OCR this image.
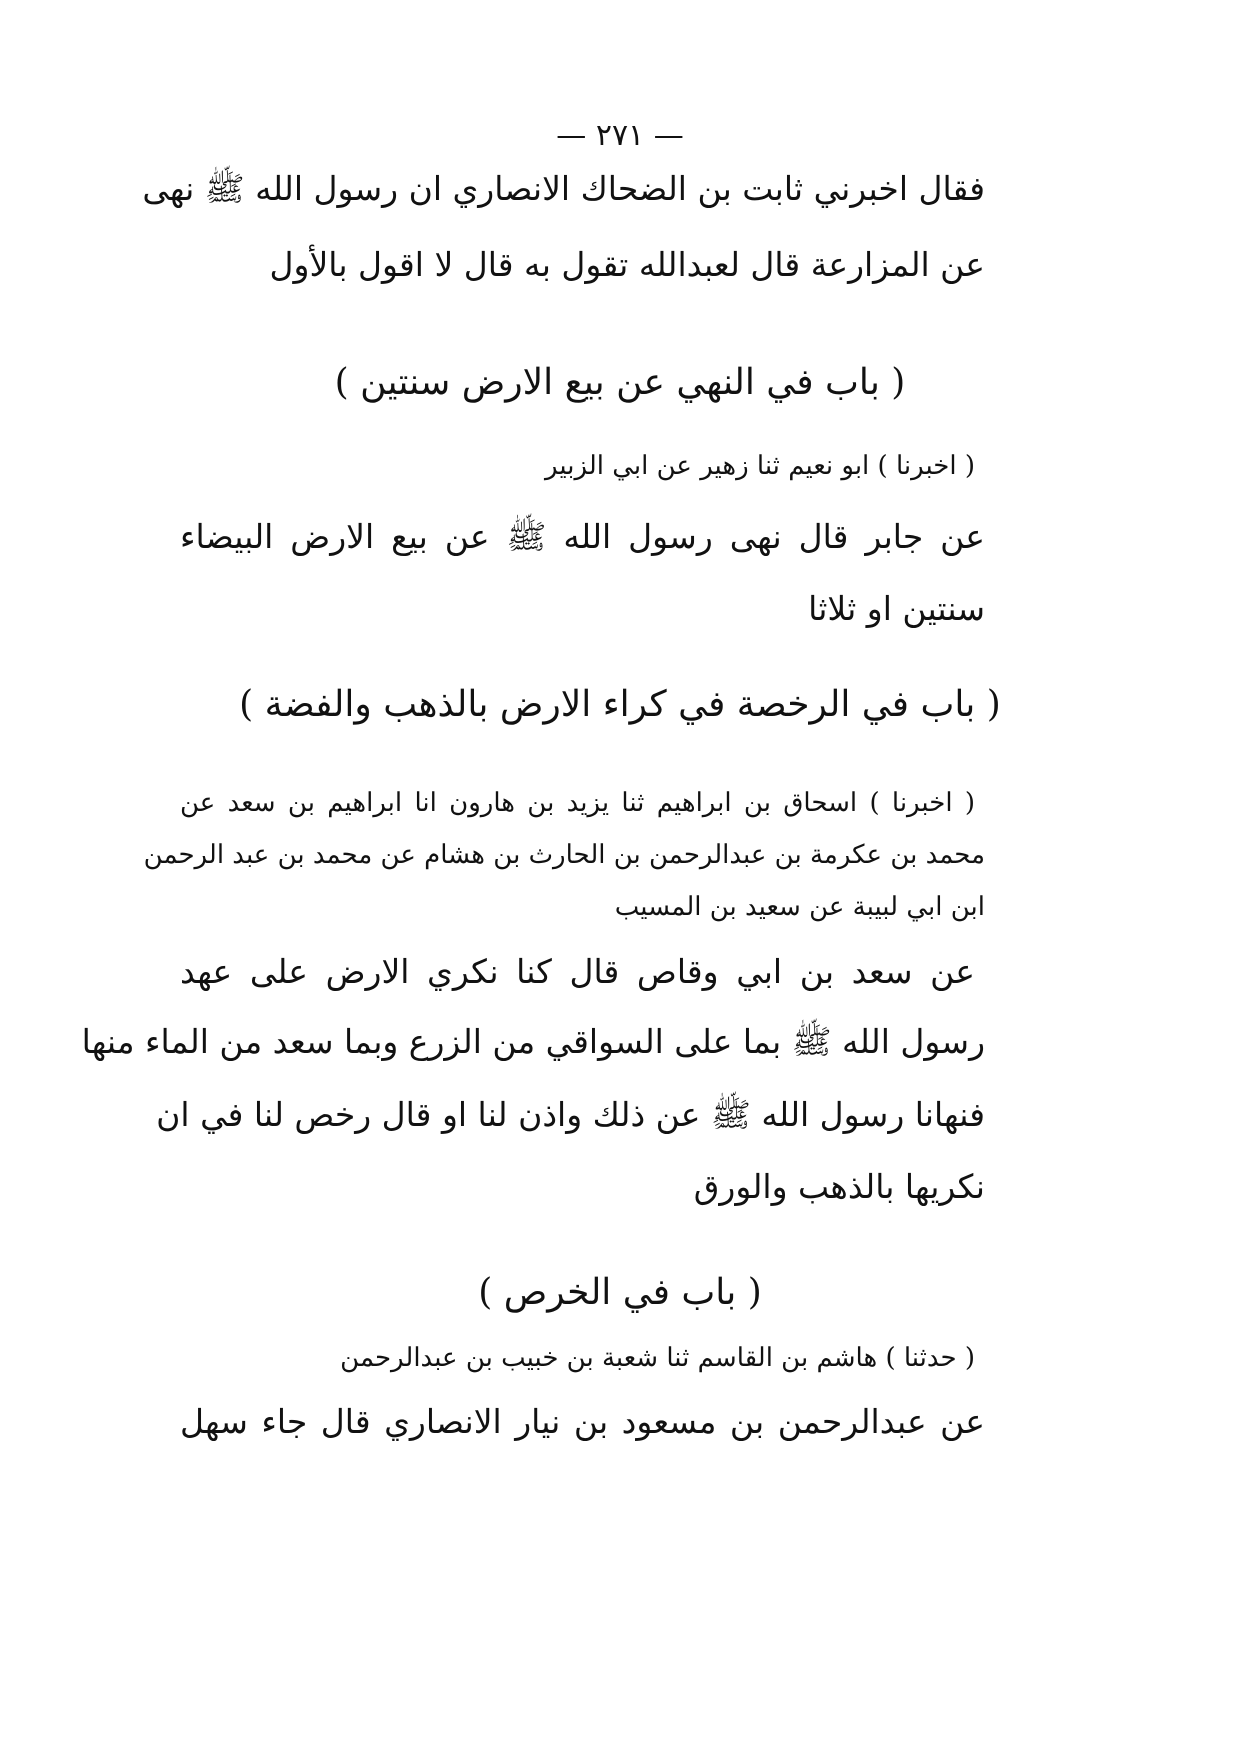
— ٢٧١ —
فقال اخبرني ثابت بن الضحاك الانصاري ان رسول الله ﷺ نهى
عن المزارعة قال لعبدالله تقول به قال لا اقول بالأول
( باب في النهي عن بيع الارض سنتين )
( اخبرنا ) ابو نعيم ثنا زهير عن ابي الزبير
عن جابر قال نهى رسول الله ﷺ عن بيع الارض البيضاء
سنتين او ثلاثا
( باب في الرخصة في كراء الارض بالذهب والفضة )
( اخبرنا ) اسحاق بن ابراهيم ثنا يزيد بن هارون انا ابراهيم بن سعد عن
محمد بن عكرمة بن عبدالرحمن بن الحارث بن هشام عن محمد بن عبد الرحمن
ابن ابي لبيبة عن سعيد بن المسيب
عن سعد بن ابي وقاص قال كنا نكري الارض على عهد
رسول الله ﷺ بما على السواقي من الزرع وبما سعد من الماء منها
فنهانا رسول الله ﷺ عن ذلك واذن لنا او قال رخص لنا في ان
نكريها بالذهب والورق
( باب في الخرص )
( حدثنا ) هاشم بن القاسم ثنا شعبة بن خبيب بن عبدالرحمن
عن عبدالرحمن بن مسعود بن نيار الانصاري قال جاء سهل
